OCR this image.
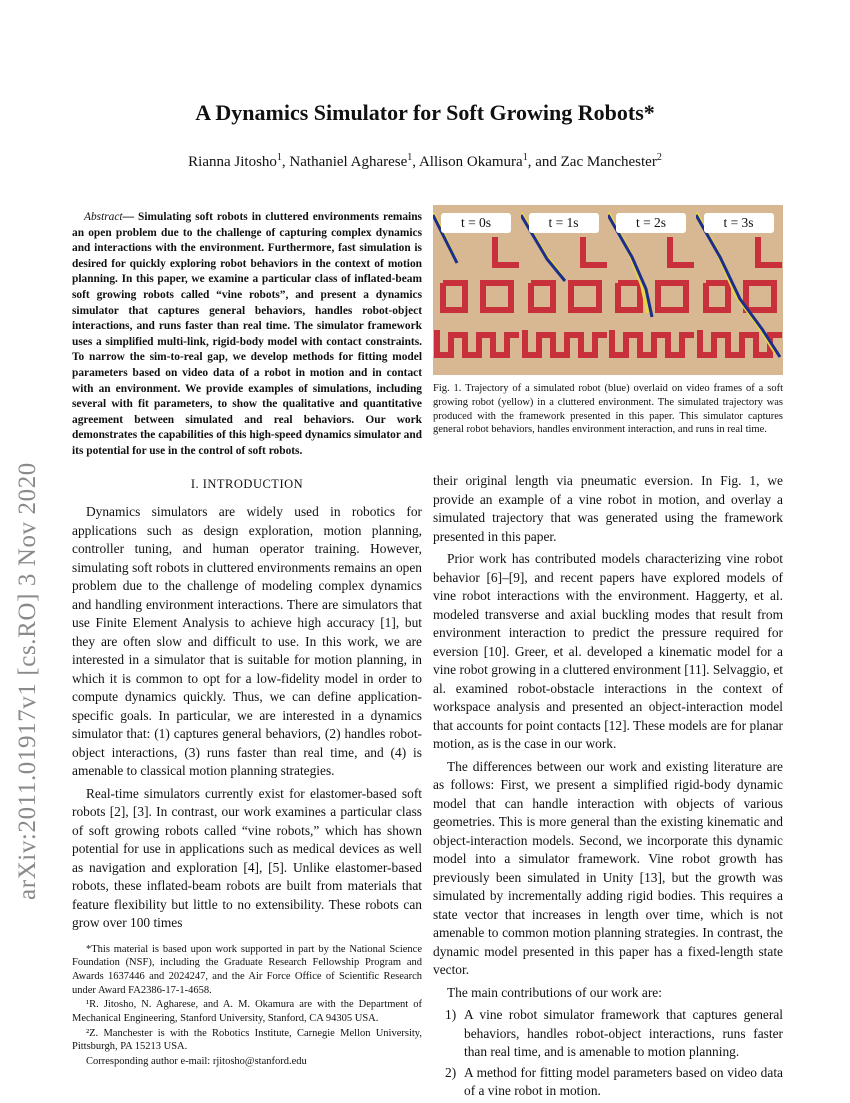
arXiv:2011.01917v1 [cs.RO] 3 Nov 2020
A Dynamics Simulator for Soft Growing Robots*
Rianna Jitosho$^1$, Nathaniel Agharese$^1$, Allison Okamura$^1$, and Zac Manchester$^2$
Abstract— Simulating soft robots in cluttered environments remains an open problem due to the challenge of capturing complex dynamics and interactions with the environment. Furthermore, fast simulation is desired for quickly exploring robot behaviors in the context of motion planning. In this paper, we examine a particular class of inflated-beam soft growing robots called “vine robots”, and present a dynamics simulator that captures general behaviors, handles robot-object interactions, and runs faster than real time. The simulator framework uses a simplified multi-link, rigid-body model with contact constraints. To narrow the sim-to-real gap, we develop methods for fitting model parameters based on video data of a robot in motion and in contact with an environment. We provide examples of simulations, including several with fit parameters, to show the qualitative and quantitative agreement between simulated and real behaviors. Our work demonstrates the capabilities of this high-speed dynamics simulator and its potential for use in the control of soft robots.
I. INTRODUCTION

Dynamics simulators are widely used in robotics for applications such as design exploration, motion planning, controller tuning, and human operator training. However, simulating soft robots in cluttered environments remains an open problem due to the challenge of modeling complex dynamics and handling environment interactions. There are simulators that use Finite Element Analysis to achieve high accuracy [1], but they are often slow and difficult to use. In this work, we are interested in a simulator that is suitable for motion planning, in which it is common to opt for a low-fidelity model in order to compute dynamics quickly. Thus, we can define application-specific goals. In particular, we are interested in a dynamics simulator that: (1) captures general behaviors, (2) handles robot-object interactions, (3) runs faster than real time, and (4) is amenable to classical motion planning strategies.

Real-time simulators currently exist for elastomer-based soft robots [2], [3]. In contrast, our work examines a particular class of soft growing robots called “vine robots,” which has shown potential for use in applications such as medical devices as well as navigation and exploration [4], [5]. Unlike elastomer-based robots, these inflated-beam robots are built from materials that feature flexibility but little to no extensibility. These robots can grow over 100 times

*This material is based upon work supported in part by the National Science Foundation (NSF), including the Graduate Research Fellowship Program and Awards 1637446 and 2024247, and the Air Force Office of Scientific Research under Award FA2386-17-1-4658.

¹R. Jitosho, N. Agharese, and A. M. Okamura are with the Department of Mechanical Engineering, Stanford University, Stanford, CA 94305 USA.

²Z. Manchester is with the Robotics Institute, Carnegie Mellon University, Pittsburgh, PA 15213 USA.

Corresponding author e-mail: rjitosho@stanford.edu

t = 0s	t = 1s	t = 2s	t = 3s
Fig. 1. Trajectory of a simulated robot (blue) overlaid on video frames of a soft growing robot (yellow) in a cluttered environment. The simulated trajectory was produced with the framework presented in this paper. This simulator captures general robot behaviors, handles environment interaction, and runs in real time.

their original length via pneumatic eversion. In Fig. 1, we provide an example of a vine robot in motion, and overlay a simulated trajectory that was generated using the framework presented in this paper.

Prior work has contributed models characterizing vine robot behavior [6]–[9], and recent papers have explored models of vine robot interactions with the environment. Haggerty, et al. modeled transverse and axial buckling modes that result from environment interaction to predict the pressure required for eversion [10]. Greer, et al. developed a kinematic model for a vine robot growing in a cluttered environment [11]. Selvaggio, et al. examined robot-obstacle interactions in the context of workspace analysis and presented an object-interaction model that accounts for point contacts [12]. These models are for planar motion, as is the case in our work.

The differences between our work and existing literature are as follows: First, we present a simplified rigid-body dynamic model that can handle interaction with objects of various geometries. This is more general than the existing kinematic and object-interaction models. Second, we incorporate this dynamic model into a simulator framework. Vine robot growth has previously been simulated in Unity [13], but the growth was simulated by incrementally adding rigid bodies. This requires a state vector that increases in length over time, which is not amenable to common motion planning strategies. In contrast, the dynamic model presented in this paper has a fixed-length state vector.

The main contributions of our work are:

1) A vine robot simulator framework that captures general behaviors, handles robot-object interactions, runs faster than real time, and is amenable to motion planning.
2) A method for fitting model parameters based on video data of a vine robot in motion.
